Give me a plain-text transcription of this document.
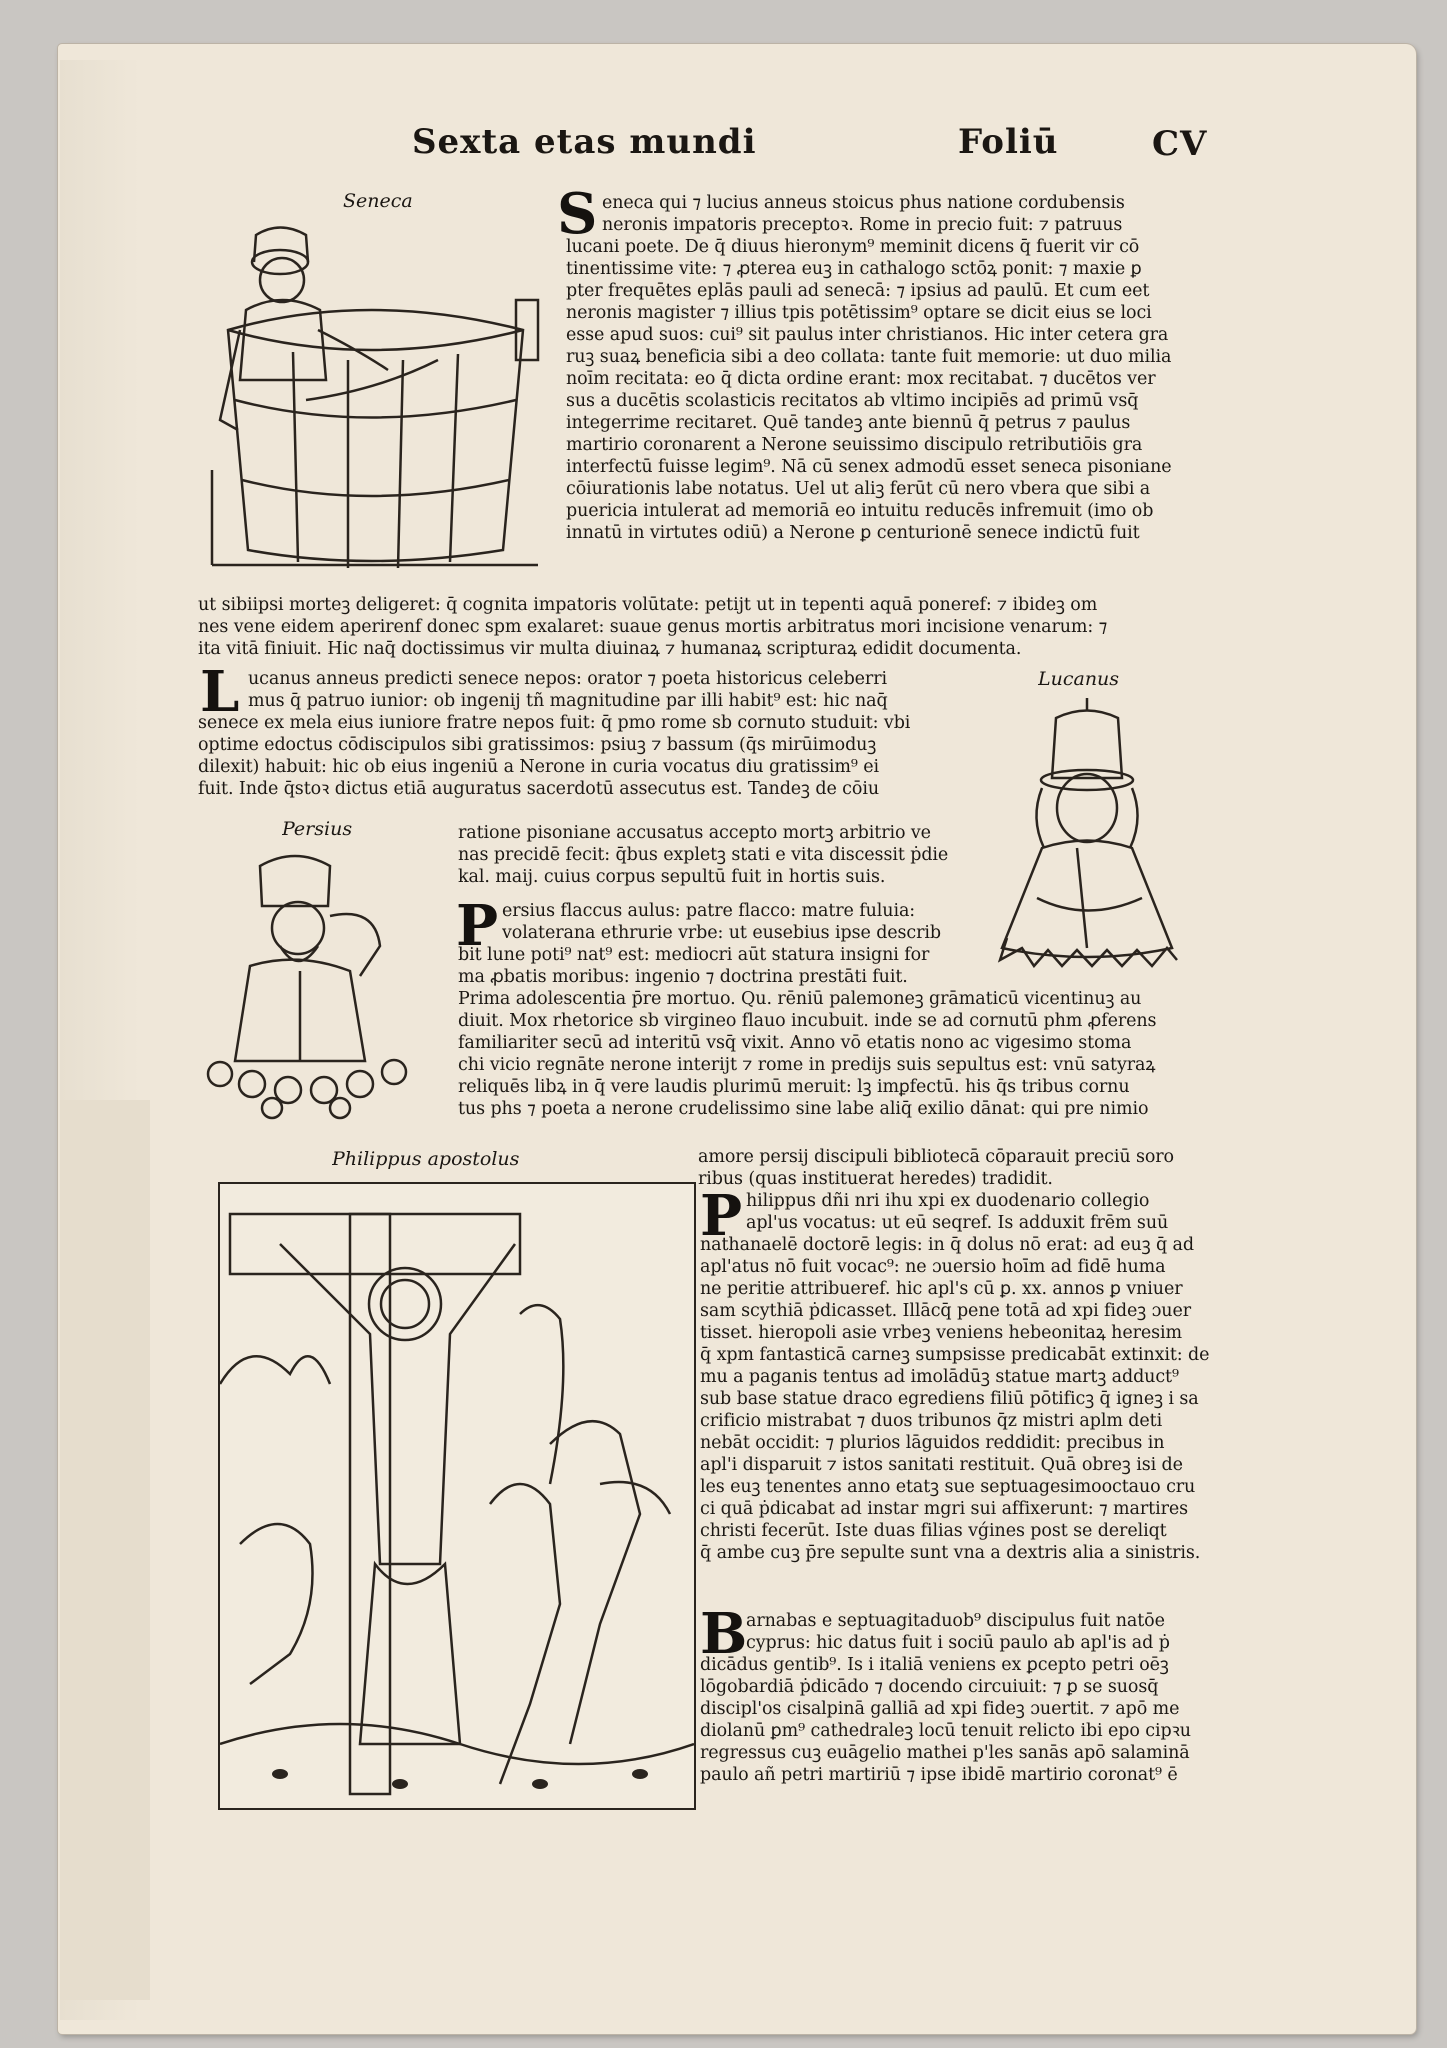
Sexta etas mundi	Foliū	CV
Seneca	S eneca qui ⁊ lucius anneus stoicus phus natione cordubensis
neronis impatoris preceptoꝛ. Rome in precio fuit: ⁊ patruus
lucani poete. De q̄ diuus hieronym⁹ meminit dicens q̄ fuerit vir cō
tinentissime vite: ⁊ ꝓterea euꝫ in cathalogo sctōꝝ ponit: ⁊ maxie ꝑ
pter frequētes eplās pauli ad senecā: ⁊ ipsius ad paulū. Et cum eet
neronis magister ⁊ illius tpis potētissim⁹ optare se dicit eius se loci
esse apud suos: cui⁹ sit paulus inter christianos. Hic inter cetera gra
ruꝫ suaꝝ beneficia sibi a deo collata: tante fuit memorie: ut duo milia
noīm recitata: eo q̄ dicta ordine erant: mox recitabat. ⁊ ducētos ver
sus a ducētis scolasticis recitatos ab vltimo incipiēs ad primū vsq̄
integerrime recitaret. Quē tandeꝫ ante biennū q̄ petrus ⁊ paulus
martirio coronarent a Nerone seuissimo discipulo retributiōis gra
interfectū fuisse legim⁹. Nā cū senex admodū esset seneca pisoniane
cōiurationis labe notatus. Uel ut aliꝫ ferūt cū nero vbera que sibi a
puericia intulerat ad memoriā eo intuitu reducēs infremuit (imo ob
innatū in virtutes odiū) a Nerone ꝑ centurionē senece indictū fuit
ut sibiipsi morteꝫ deligeret: q̄ cognita impatoris volūtate: petijt ut in tepenti aquā poneref: ⁊ ibideꝫ om
nes vene eidem aperirenf donec spm exalaret: suaue genus mortis arbitratus mori incisione venarum: ⁊
ita vitā finiuit. Hic naq̄ doctissimus vir multa diuinaꝝ ⁊ humanaꝝ scripturaꝝ edidit documenta.
L ucanus anneus predicti senece nepos: orator ⁊ poeta historicus celeberri
mus q̄ patruo iunior: ob ingenij tñ magnitudine par illi habit⁹ est: hic naq̄
senece ex mela eius iuniore fratre nepos fuit: q̄ pmo rome sb cornuto studuit: vbi
optime edoctus cōdiscipulos sibi gratissimos: psiuꝫ ⁊ bassum (q̄s mirūimoduꝫ
dilexit) habuit: hic ob eius ingeniū a Nerone in curia vocatus diu gratissim⁹ ei
fuit. Inde q̄stoꝛ dictus etiā auguratus sacerdotū assecutus est. Tandeꝫ de cōiu
Lucanus
Persius	ratione pisoniane accusatus accepto mortꝫ arbitrio ve
nas precidē fecit: q̄bus expletꝫ stati e vita discessit ṗdie
kal. maij. cuius corpus sepultū fuit in hortis suis.
P ersius flaccus aulus: patre flacco: matre fuluia:
volaterana ethrurie vrbe: ut eusebius ipse describ
bit lune poti⁹ nat⁹ est: mediocri aūt statura insigni for
ma ꝓbatis moribus: ingenio ⁊ doctrina prestāti fuit.
Prima adolescentia p̄re mortuo. Qu. rēniū palemoneꝫ grāmaticū vicentinuꝫ au
diuit. Mox rhetorice sb virgineo flauo incubuit. inde se ad cornutū phm ꝓferens
familiariter secū ad interitū vsq̄ vixit. Anno vō etatis nono ac vigesimo stoma
chi vicio regnāte nerone interijt ⁊ rome in predijs suis sepultus est: vnū satyraꝝ
reliquēs libꝝ in q̄ vere laudis plurimū meruit: lꝫ imꝑfectū. his q̄s tribus cornu
tus phs ⁊ poeta a nerone crudelissimo sine labe aliq̄ exilio dānat: qui pre nimio
Philippus apostolus	amore persij discipuli bibliotecā cōparauit preciū soro
ribus (quas instituerat heredes) tradidit.
P hilippus dñi nri ihu xpi ex duodenario collegio
apl'us vocatus: ut eū seqref. Is adduxit frēm suū
nathanaelē doctorē legis: in q̄ dolus nō erat: ad euꝫ q̄ ad
apl'atus nō fuit vocac⁹: ne ɔuersio hoīm ad fidē huma
ne peritie attribueref. hic apl's cū ꝑ. xx. annos ꝑ vniuer
sam scythiā ṗdicasset. Illācq̄ pene totā ad xpi fideꝫ ɔuer
tisset. hieropoli asie vrbeꝫ veniens hebeonitaꝝ heresim
q̄ xpm fantasticā carneꝫ sumpsisse predicabāt extinxit: de
mu a paganis tentus ad imolādūꝫ statue martꝫ adduct⁹
sub base statue draco egrediens filiū pōtificꝫ q̄ igneꝫ i sa
crificio mistrabat ⁊ duos tribunos q̄z mistri aplm deti
nebāt occidit: ⁊ plurios lāguidos reddidit: precibus in
apl'i disparuit ⁊ istos sanitati restituit. Quā obreꝫ isi de
les euꝫ tenentes anno etatꝫ sue septuagesimooctauo cru
ci quā ṗdicabat ad instar mgri sui affixerunt: ⁊ martires
christi fecerūt. Iste duas filias vǵines post se dereliqt
q̄ ambe cuꝫ p̄re sepulte sunt vna a dextris alia a sinistris.
B
arnabas e septuagitaduob⁹ discipulus fuit natōe
cyprus: hic datus fuit i sociū paulo ab apl'is ad ṗ
dicādus gentib⁹. Is i italiā veniens ex ꝑcepto petri oēꝫ
lōgobardiā ṗdicādo ⁊ docendo circuiuit: ⁊ ꝑ se suosq̄
discipl'os cisalpinā galliā ad xpi fideꝫ ɔuertit. ⁊ apō me
diolanū ꝑm⁹ cathedraleꝫ locū tenuit relicto ibi epo cipꝛu
regressus cuꝫ euāgelio mathei p'les sanās apō salaminā
paulo añ petri martiriū ⁊ ipse ibidē martirio coronat⁹ ē
